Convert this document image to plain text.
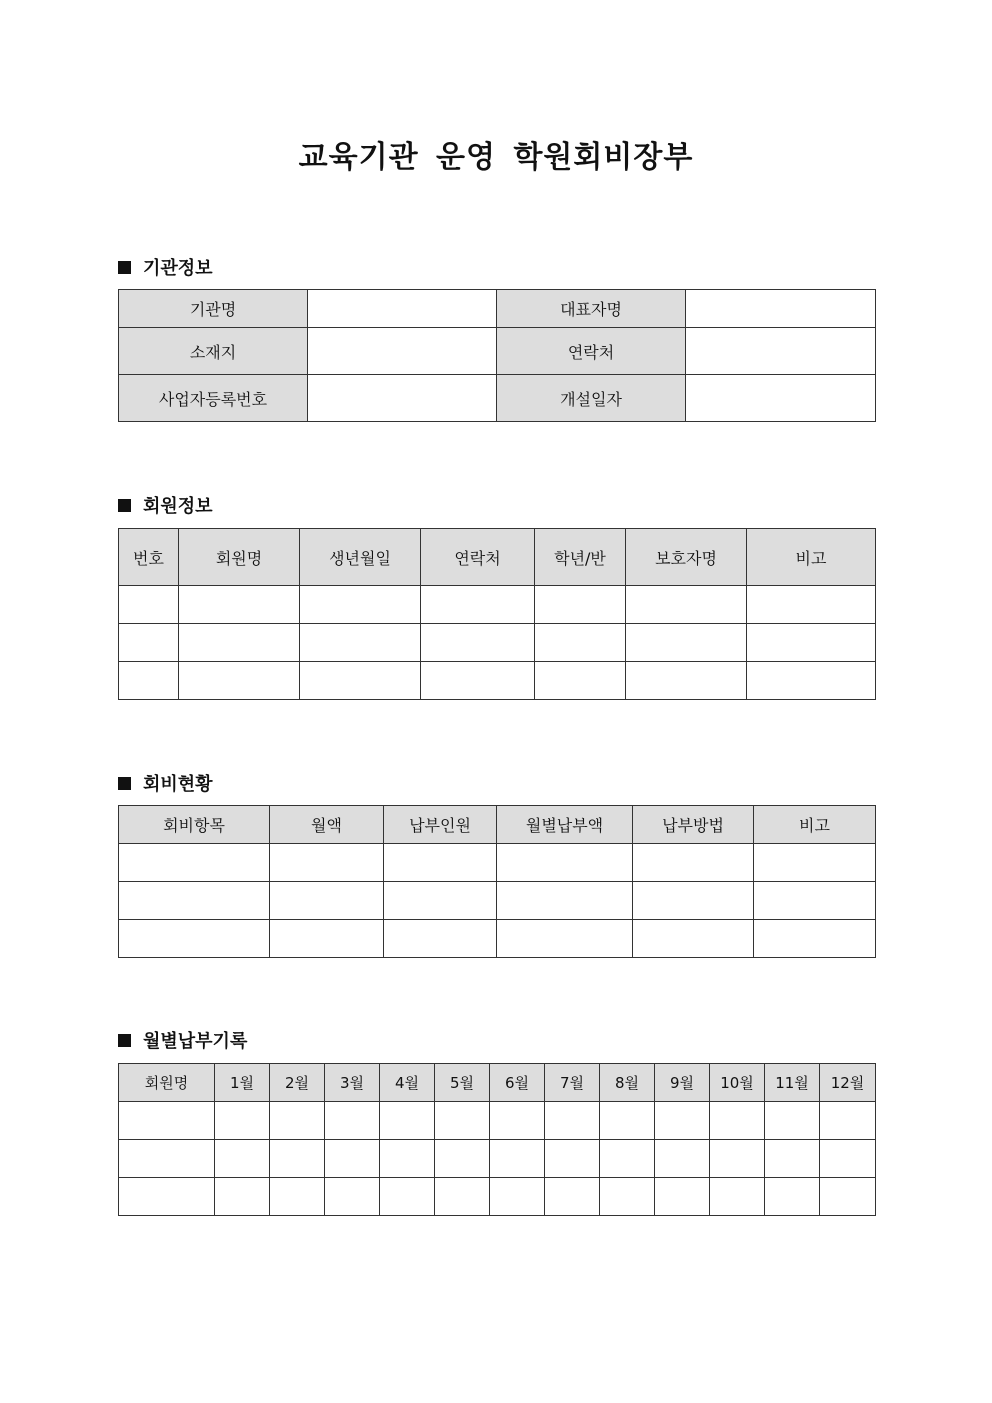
교육기관 운영 학원회비장부
기관정보
기관명		대표자명	
소재지		연락처	
사업자등록번호		개설일자	
회원정보
번호	회원명	생년월일	연락처	학년/반	보호자명	비고

회비현황
회비항목	월액	납부인원	월별납부액	납부방법	비고

월별납부기록
회원명	1월	2월	3월	4월	5월	6월	7월	8월	9월	10월	11월	12월
